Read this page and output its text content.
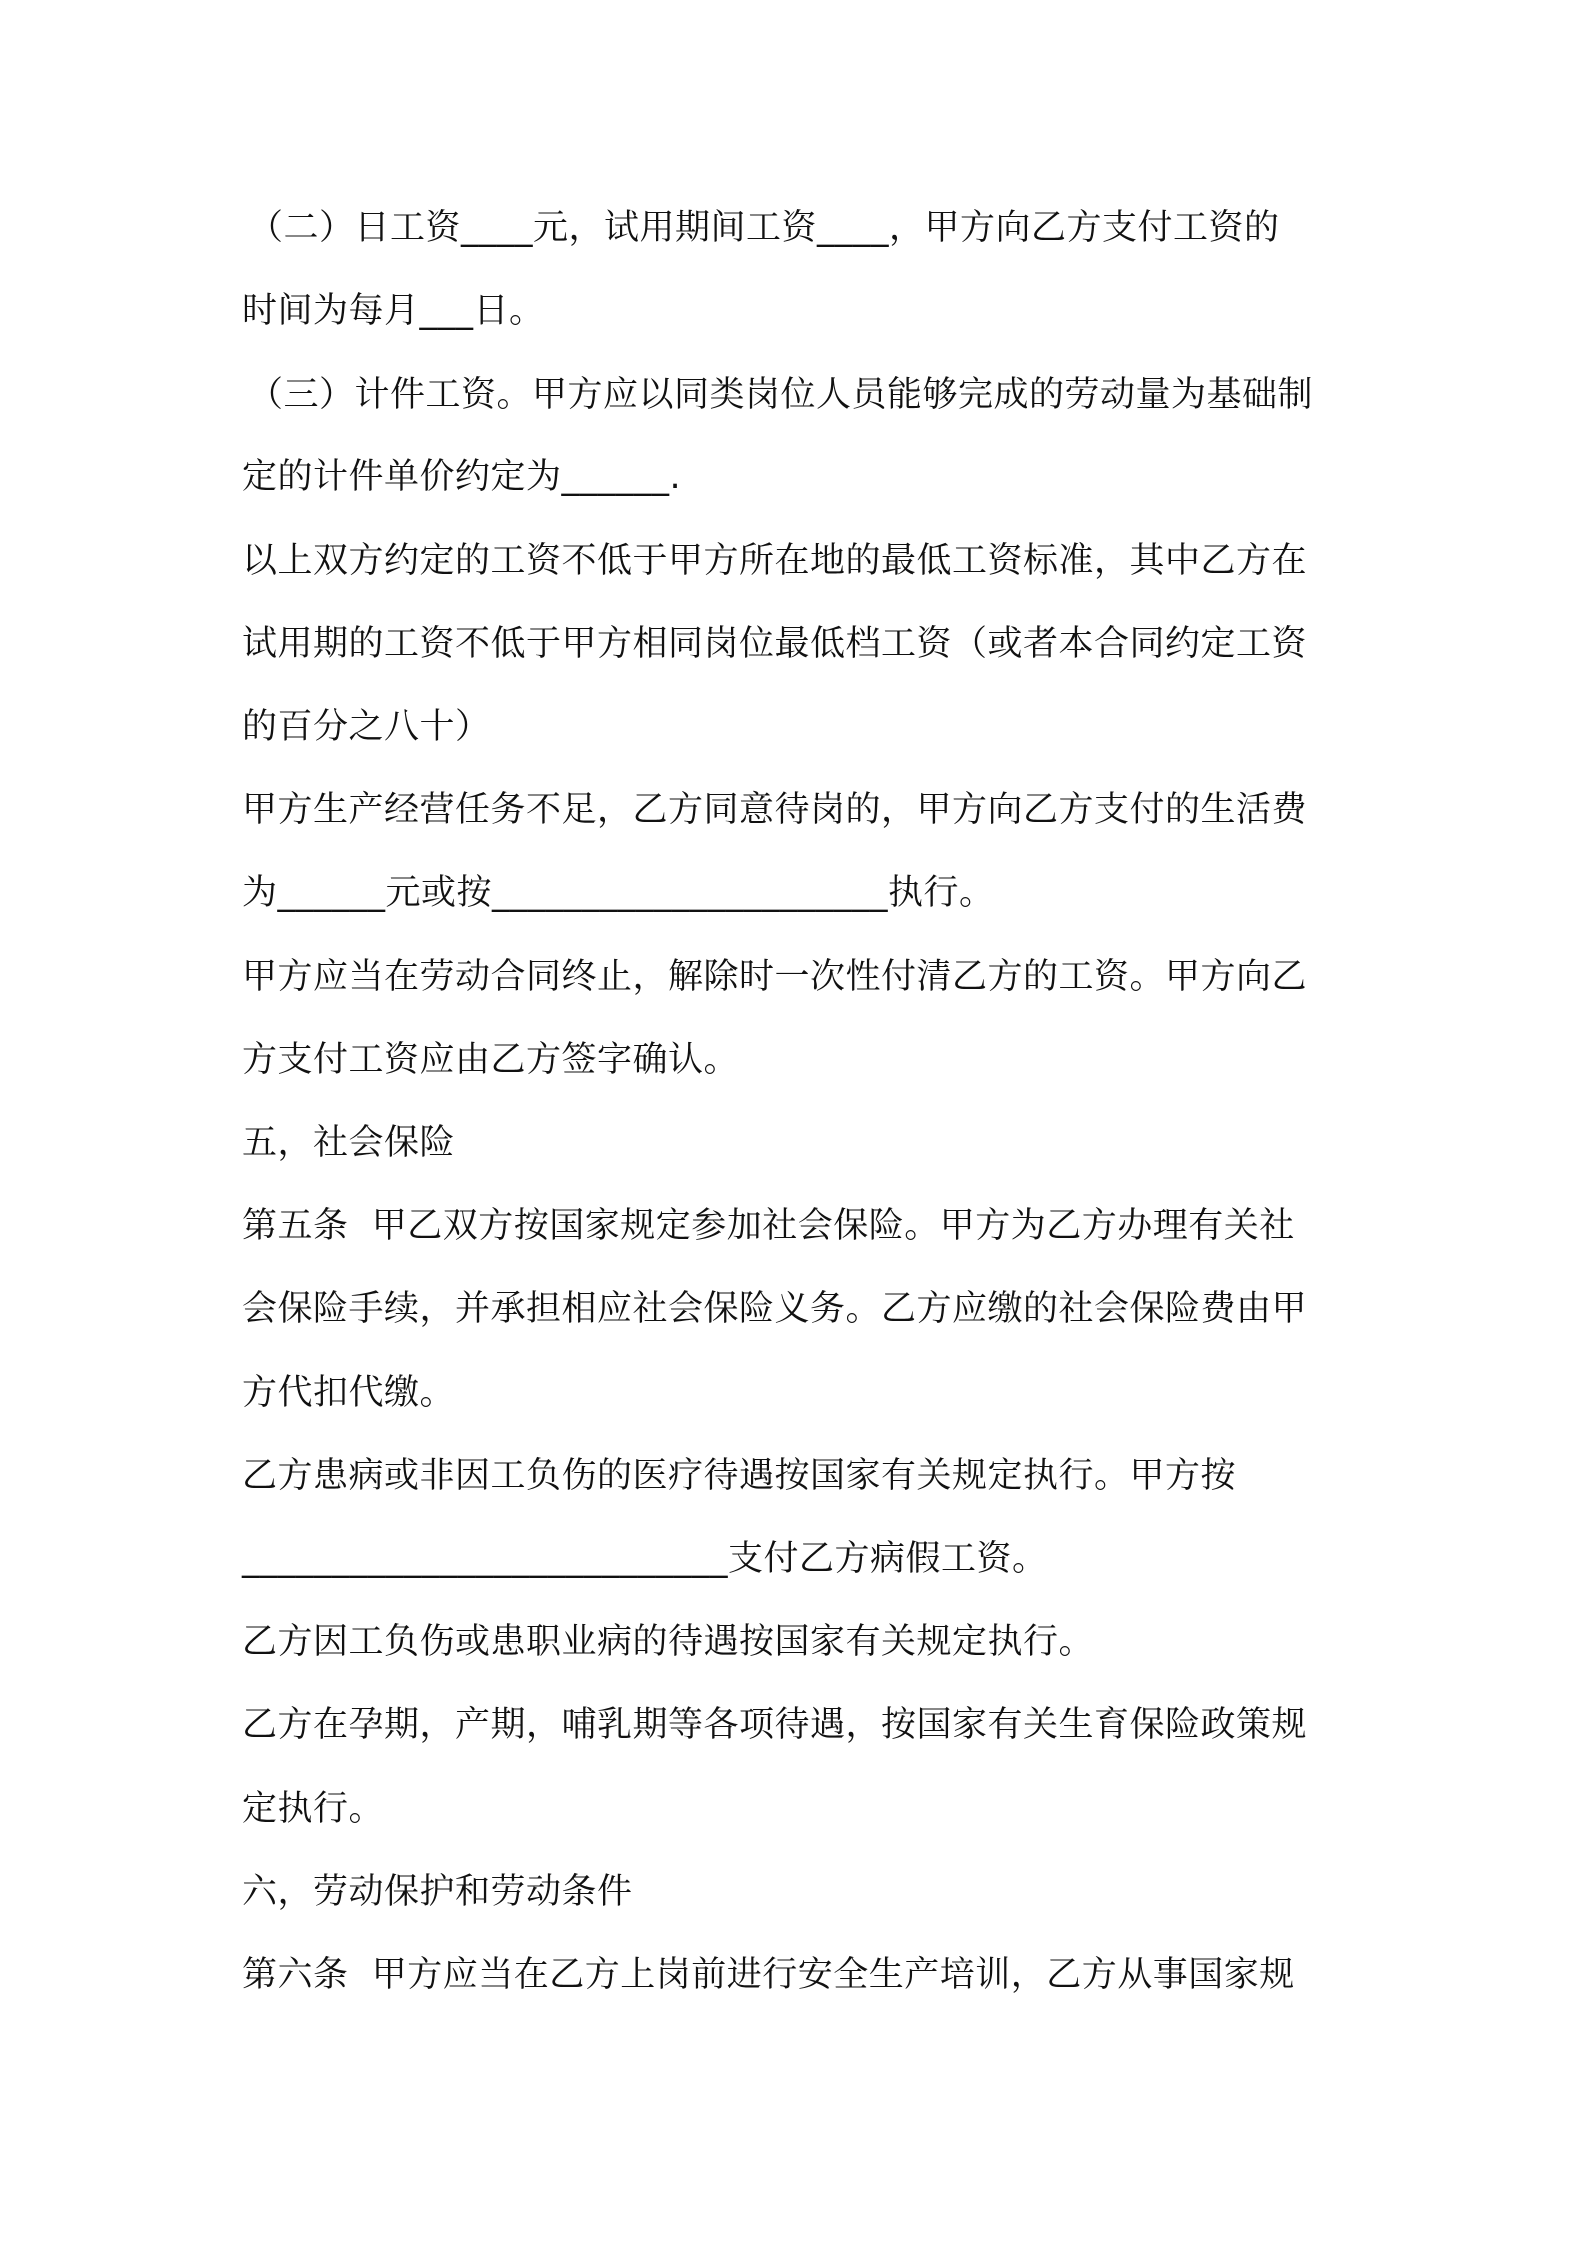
（二）日工资____元，试用期间工资____，甲方向乙方支付工资的

时间为每月___日。

（三）计件工资。甲方应以同类岗位人员能够完成的劳动量为基础制

定的计件单价约定为______.

以上双方约定的工资不低于甲方所在地的最低工资标准，其中乙方在

试用期的工资不低于甲方相同岗位最低档工资（或者本合同约定工资

的百分之八十）

甲方生产经营任务不足，乙方同意待岗的，甲方向乙方支付的生活费

为______元或按______________________执行。

甲方应当在劳动合同终止，解除时一次性付清乙方的工资。甲方向乙

方支付工资应由乙方签字确认。

五，社会保险

第五条  甲乙双方按国家规定参加社会保险。甲方为乙方办理有关社

会保险手续，并承担相应社会保险义务。乙方应缴的社会保险费由甲

方代扣代缴。

乙方患病或非因工负伤的医疗待遇按国家有关规定执行。甲方按

___________________________支付乙方病假工资。

乙方因工负伤或患职业病的待遇按国家有关规定执行。

乙方在孕期，产期，哺乳期等各项待遇，按国家有关生育保险政策规

定执行。

六，劳动保护和劳动条件

第六条  甲方应当在乙方上岗前进行安全生产培训，乙方从事国家规
